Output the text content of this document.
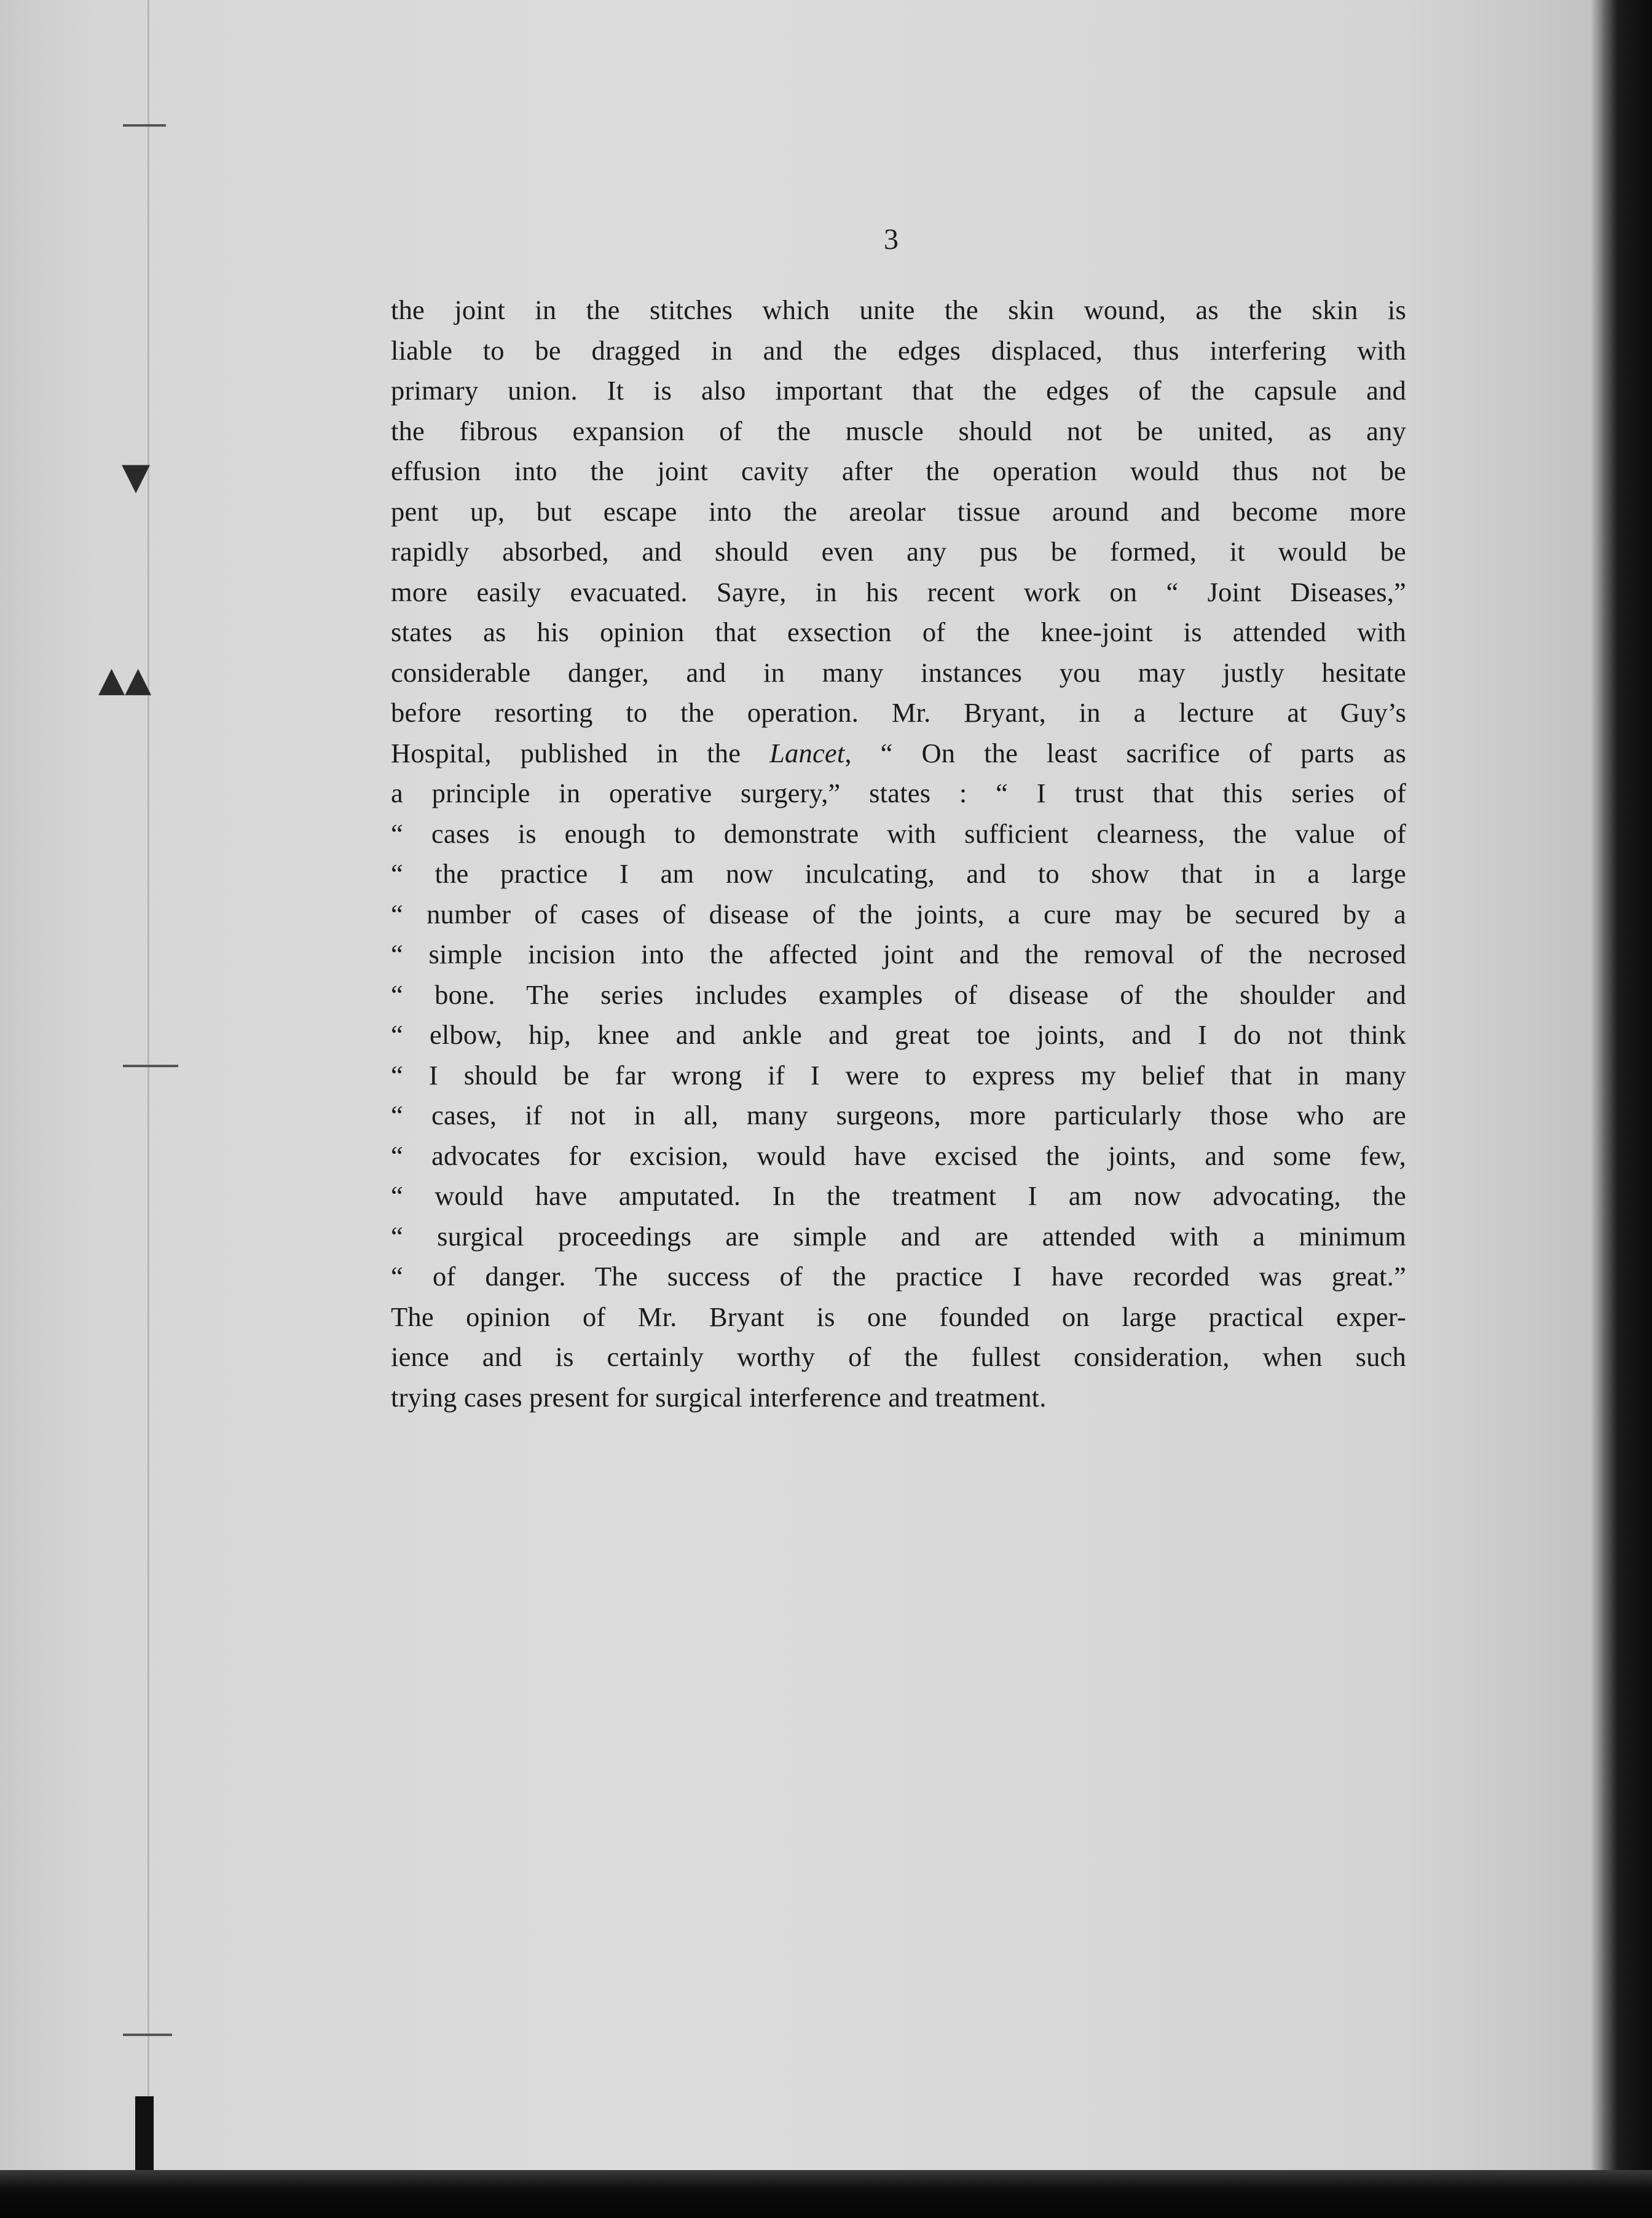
▼
▲▲
3
the joint in the stitches which unite the skin wound, as the skin is
liable to be dragged in and the edges displaced, thus interfering with
primary union. It is also important that the edges of the capsule and
the fibrous expansion of the muscle should not be united, as any
effusion into the joint cavity after the operation would thus not be
pent up, but escape into the areolar tissue around and become more
rapidly absorbed, and should even any pus be formed, it would be
more easily evacuated. Sayre, in his recent work on “ Joint Diseases,”
states as his opinion that exsection of the knee-joint is attended with
considerable danger, and in many instances you may justly hesitate
before resorting to the operation. Mr. Bryant, in a lecture at Guy’s
Hospital, published in the Lancet, “ On the least sacrifice of parts as
a principle in operative surgery,” states : “ I trust that this series of
“ cases is enough to demonstrate with sufficient clearness, the value of
“ the practice I am now inculcating, and to show that in a large
“ number of cases of disease of the joints, a cure may be secured by a
“ simple incision into the affected joint and the removal of the necrosed
“ bone. The series includes examples of disease of the shoulder and
“ elbow, hip, knee and ankle and great toe joints, and I do not think
“ I should be far wrong if I were to express my belief that in many
“ cases, if not in all, many surgeons, more particularly those who are
“ advocates for excision, would have excised the joints, and some few,
“ would have amputated. In the treatment I am now advocating, the
“ surgical proceedings are simple and are attended with a minimum
“ of danger. The success of the practice I have recorded was great.”
The opinion of Mr. Bryant is one founded on large practical exper-
ience and is certainly worthy of the fullest consideration, when such
trying cases present for surgical interference and treatment.
